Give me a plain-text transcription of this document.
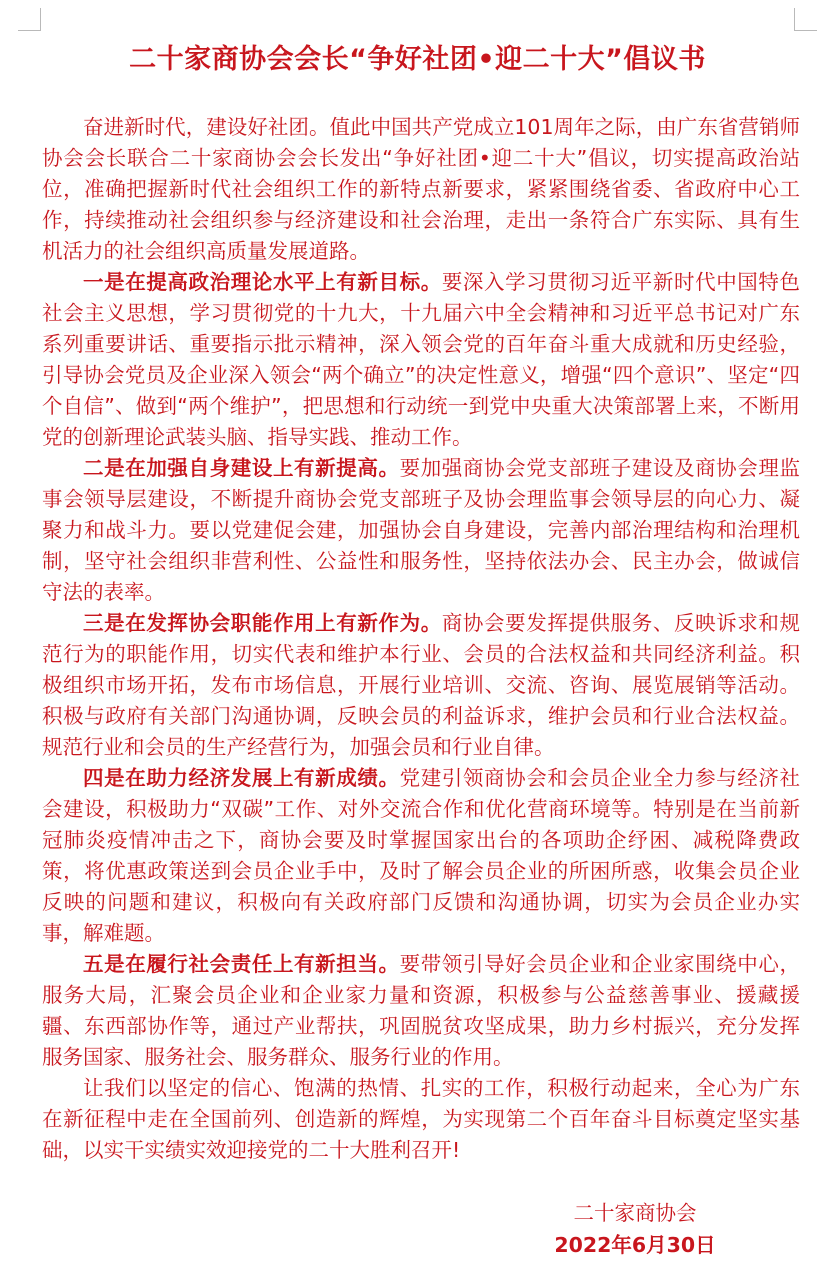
二十家商协会会长“争好社团•迎二十大”倡议书

奋进新时代，建设好社团。值此中国共产党成立101周年之际，由广东省营销师协会会长联合二十家商协会会长发出“争好社团•迎二十大”倡议，切实提高政治站位，准确把握新时代社会组织工作的新特点新要求，紧紧围绕省委、省政府中心工作，持续推动社会组织参与经济建设和社会治理，走出一条符合广东实际、具有生机活力的社会组织高质量发展道路。

一是在提高政治理论水平上有新目标。要深入学习贯彻习近平新时代中国特色社会主义思想，学习贯彻党的十九大，十九届六中全会精神和习近平总书记对广东系列重要讲话、重要指示批示精神，深入领会党的百年奋斗重大成就和历史经验，引导协会党员及企业深入领会“两个确立”的决定性意义，增强“四个意识”、坚定“四个自信”、做到“两个维护”，把思想和行动统一到党中央重大决策部署上来，不断用党的创新理论武装头脑、指导实践、推动工作。

二是在加强自身建设上有新提高。要加强商协会党支部班子建设及商协会理监事会领导层建设，不断提升商协会党支部班子及协会理监事会领导层的向心力、凝聚力和战斗力。要以党建促会建，加强协会自身建设，完善内部治理结构和治理机制，坚守社会组织非营利性、公益性和服务性，坚持依法办会、民主办会，做诚信守法的表率。

三是在发挥协会职能作用上有新作为。商协会要发挥提供服务、反映诉求和规范行为的职能作用，切实代表和维护本行业、会员的合法权益和共同经济利益。积极组织市场开拓，发布市场信息，开展行业培训、交流、咨询、展览展销等活动。积极与政府有关部门沟通协调，反映会员的利益诉求，维护会员和行业合法权益。规范行业和会员的生产经营行为，加强会员和行业自律。

四是在助力经济发展上有新成绩。党建引领商协会和会员企业全力参与经济社会建设，积极助力“双碳”工作、对外交流合作和优化营商环境等。特别是在当前新冠肺炎疫情冲击之下，商协会要及时掌握国家出台的各项助企纾困、减税降费政策，将优惠政策送到会员企业手中，及时了解会员企业的所困所惑，收集会员企业反映的问题和建议，积极向有关政府部门反馈和沟通协调，切实为会员企业办实事，解难题。

五是在履行社会责任上有新担当。要带领引导好会员企业和企业家围绕中心，服务大局，汇聚会员企业和企业家力量和资源，积极参与公益慈善事业、援藏援疆、东西部协作等，通过产业帮扶，巩固脱贫攻坚成果，助力乡村振兴，充分发挥服务国家、服务社会、服务群众、服务行业的作用。

让我们以坚定的信心、饱满的热情、扎实的工作，积极行动起来，全心为广东在新征程中走在全国前列、创造新的辉煌，为实现第二个百年奋斗目标奠定坚实基础，以实干实绩实效迎接党的二十大胜利召开!

二十家商协会
2022年6月30日
